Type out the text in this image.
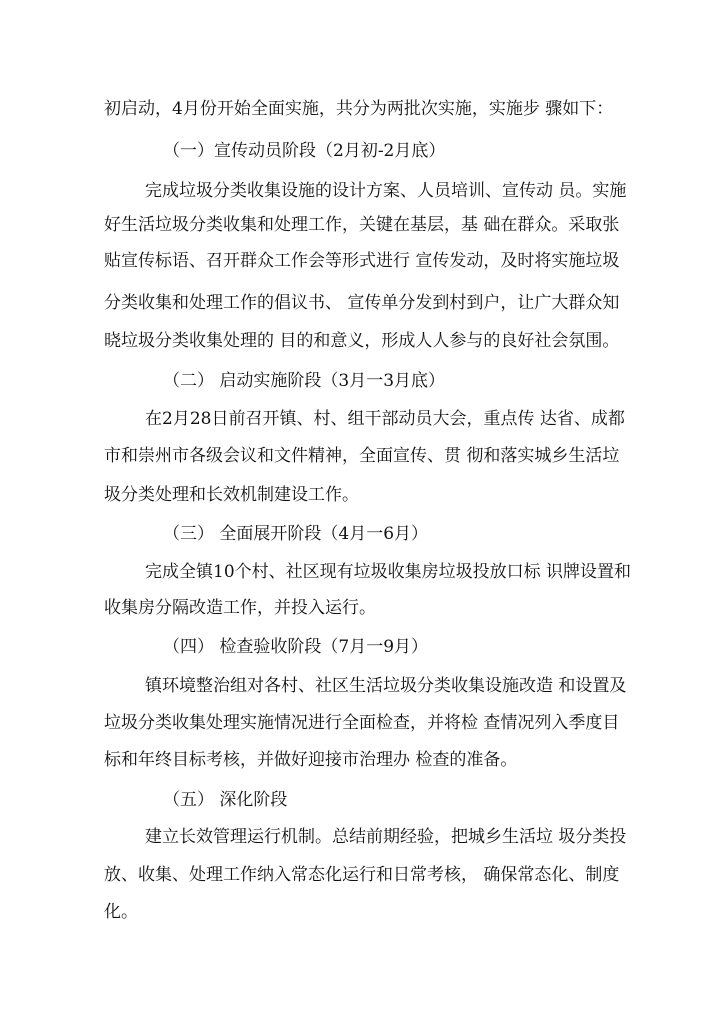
初启动，4月份开始全面实施，共分为两批次实施，实施步 骤如下：
（一）宣传动员阶段（2月初-2月底）
完成垃圾分类收集设施的设计方案、人员培训、宣传动 员。实施
好生活垃圾分类收集和处理工作，关键在基层，基 础在群众。采取张
贴宣传标语、召开群众工作会等形式进行 宣传发动，及时将实施垃圾
分类收集和处理工作的倡议书、 宣传单分发到村到户，让广大群众知
晓垃圾分类收集处理的 目的和意义，形成人人参与的良好社会氛围。
（二） 启动实施阶段（3月一3月底）
在2月28日前召开镇、村、组干部动员大会，重点传 达省、成都
市和崇州市各级会议和文件精神，全面宣传、贯 彻和落实城乡生活垃
圾分类处理和长效机制建设工作。
（三） 全面展开阶段（4月一6月）
完成全镇10个村、社区现有垃圾收集房垃圾投放口标 识牌设置和
收集房分隔改造工作，并投入运行。
（四） 检查验收阶段（7月一9月）
镇环境整治组对各村、社区生活垃圾分类收集设施改造 和设置及
垃圾分类收集处理实施情况进行全面检查，并将检 查情况列入季度目
标和年终目标考核，并做好迎接市治理办 检查的准备。
（五） 深化阶段
建立长效管理运行机制。总结前期经验，把城乡生活垃 圾分类投
放、收集、处理工作纳入常态化运行和日常考核， 确保常态化、制度
化。
